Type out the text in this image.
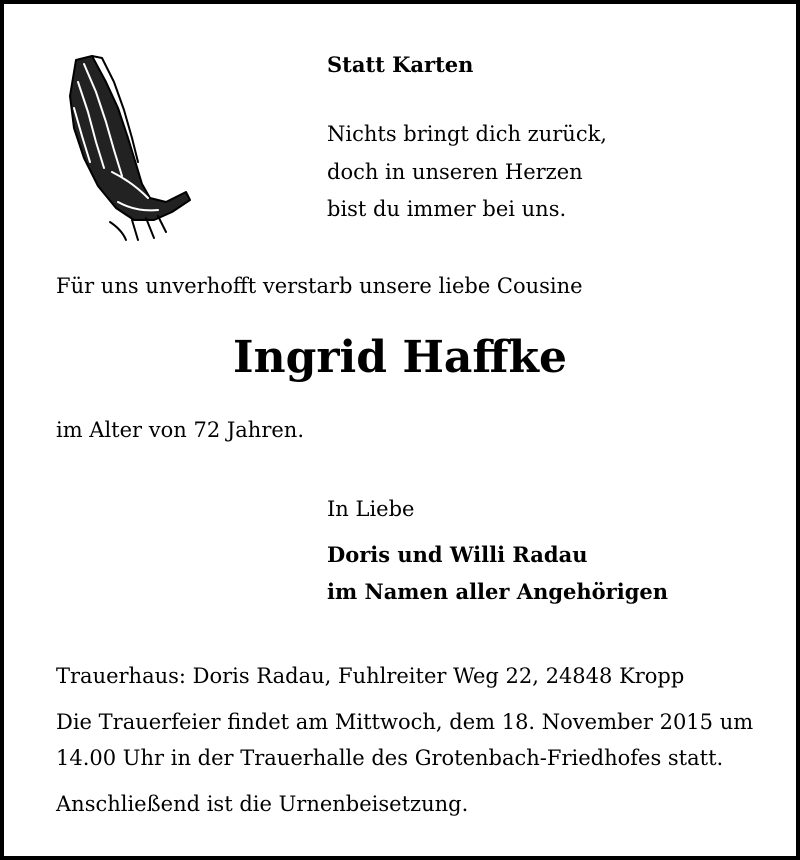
Statt Karten
Nichts bringt dich zurück,
doch in unseren Herzen
bist du immer bei uns.
Für uns unverhofft verstarb unsere liebe Cousine
Ingrid Haffke
im Alter von 72 Jahren.
In Liebe
Doris und Willi Radau
im Namen aller Angehörigen
Trauerhaus: Doris Radau, Fuhlreiter Weg 22, 24848 Kropp
Die Trauerfeier findet am Mittwoch, dem 18. November 2015 um
14.00 Uhr in der Trauerhalle des Grotenbach-Friedhofes statt.
Anschließend ist die Urnenbeisetzung.
